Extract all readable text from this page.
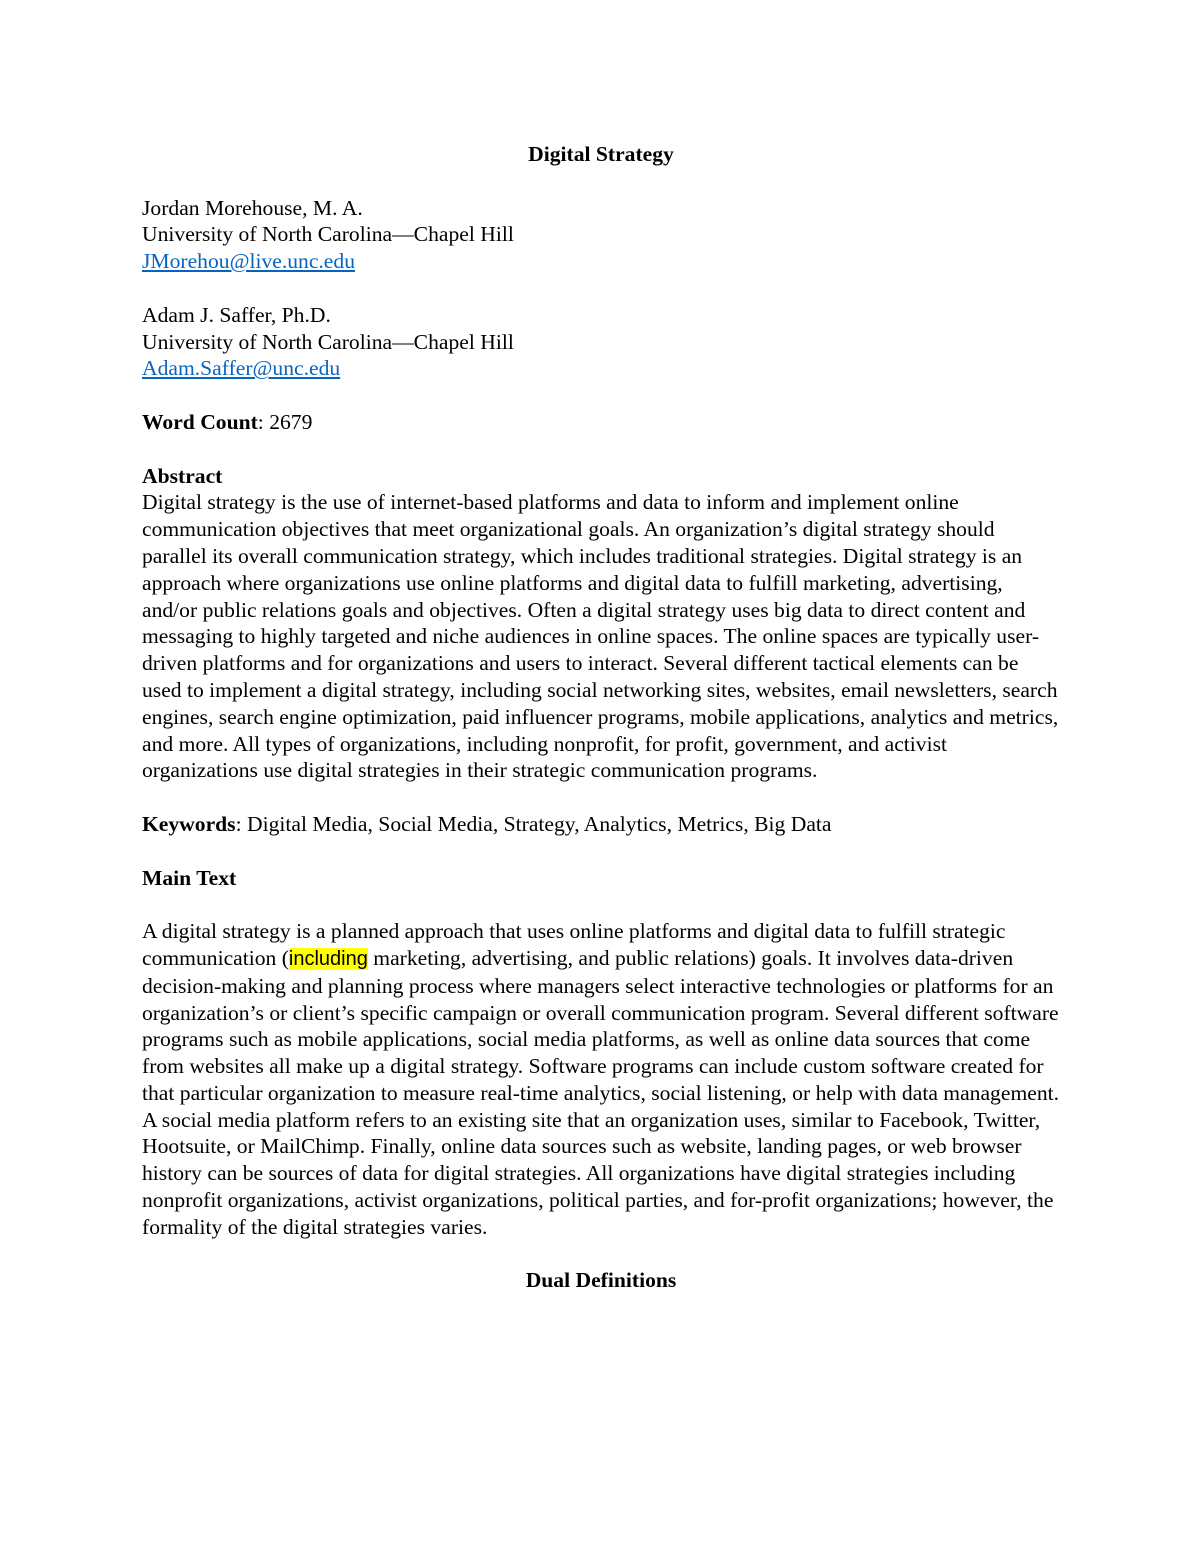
Digital Strategy

Jordan Morehouse, M. A.
University of North Carolina—Chapel Hill
JMorehou@live.unc.edu
Adam J. Saffer, Ph.D.
University of North Carolina—Chapel Hill
Adam.Saffer@unc.edu

Word Count: 2679

Abstract

Digital strategy is the use of internet-based platforms and data to inform and implement online communication objectives that meet organizational goals. An organization’s digital strategy should parallel its overall communication strategy, which includes traditional strategies. Digital strategy is an approach where organizations use online platforms and digital data to fulfill marketing, advertising, and/or public relations goals and objectives. Often a digital strategy uses big data to direct content and messaging to highly targeted and niche audiences in online spaces. The online spaces are typically user-driven platforms and for organizations and users to interact. Several different tactical elements can be used to implement a digital strategy, including social networking sites, websites, email newsletters, search engines, search engine optimization, paid influencer programs, mobile applications, analytics and metrics, and more. All types of organizations, including nonprofit, for profit, government, and activist organizations use digital strategies in their strategic communication programs.

Keywords: Digital Media, Social Media, Strategy, Analytics, Metrics, Big Data

Main Text

A digital strategy is a planned approach that uses online platforms and digital data to fulfill strategic communication (including marketing, advertising, and public relations) goals. It involves data-driven decision-making and planning process where managers select interactive technologies or platforms for an organization’s or client’s specific campaign or overall communication program. Several different software programs such as mobile applications, social media platforms, as well as online data sources that come from websites all make up a digital strategy. Software programs can include custom software created for that particular organization to measure real-time analytics, social listening, or help with data management. A social media platform refers to an existing site that an organization uses, similar to Facebook, Twitter, Hootsuite, or MailChimp. Finally, online data sources such as website, landing pages, or web browser history can be sources of data for digital strategies. All organizations have digital strategies including nonprofit organizations, activist organizations, political parties, and for-profit organizations; however, the formality of the digital strategies varies.

Dual Definitions
